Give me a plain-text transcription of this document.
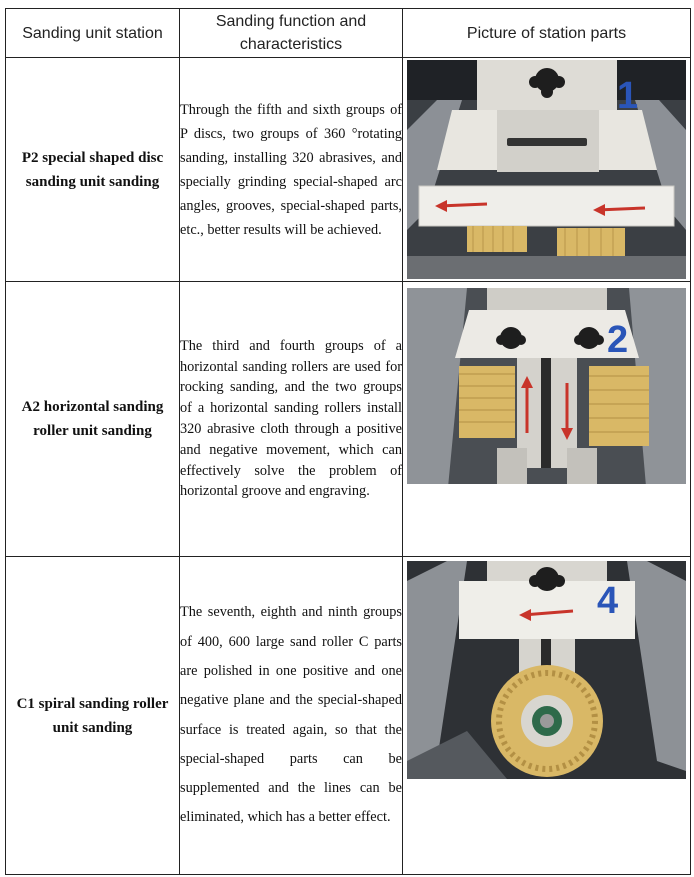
Sanding unit station	Sanding function and characteristics	Picture of station parts
P2 special shaped disc sanding unit sanding	Through the fifth and sixth groups of P discs, two groups of 360 °rotating sanding, installing 320 abrasives, and specially grinding special-shaped arc angles, grooves, special-shaped parts, etc., better results will be achieved.	1

A2 horizontal sanding roller unit sanding	The third and fourth groups of a horizontal sanding rollers are used for rocking sanding, and the two groups of a horizontal sanding rollers install 320 abrasive cloth through a positive and negative movement, which can effectively solve the problem of horizontal groove and engraving.	2

C1 spiral sanding roller unit sanding	The seventh, eighth and ninth groups of 400, 600 large sand roller C parts are polished in one positive and one negative plane and the special-shaped surface is treated again, so that the special-shaped parts can be supplemented and the lines can be eliminated, which has a better effect.	4
